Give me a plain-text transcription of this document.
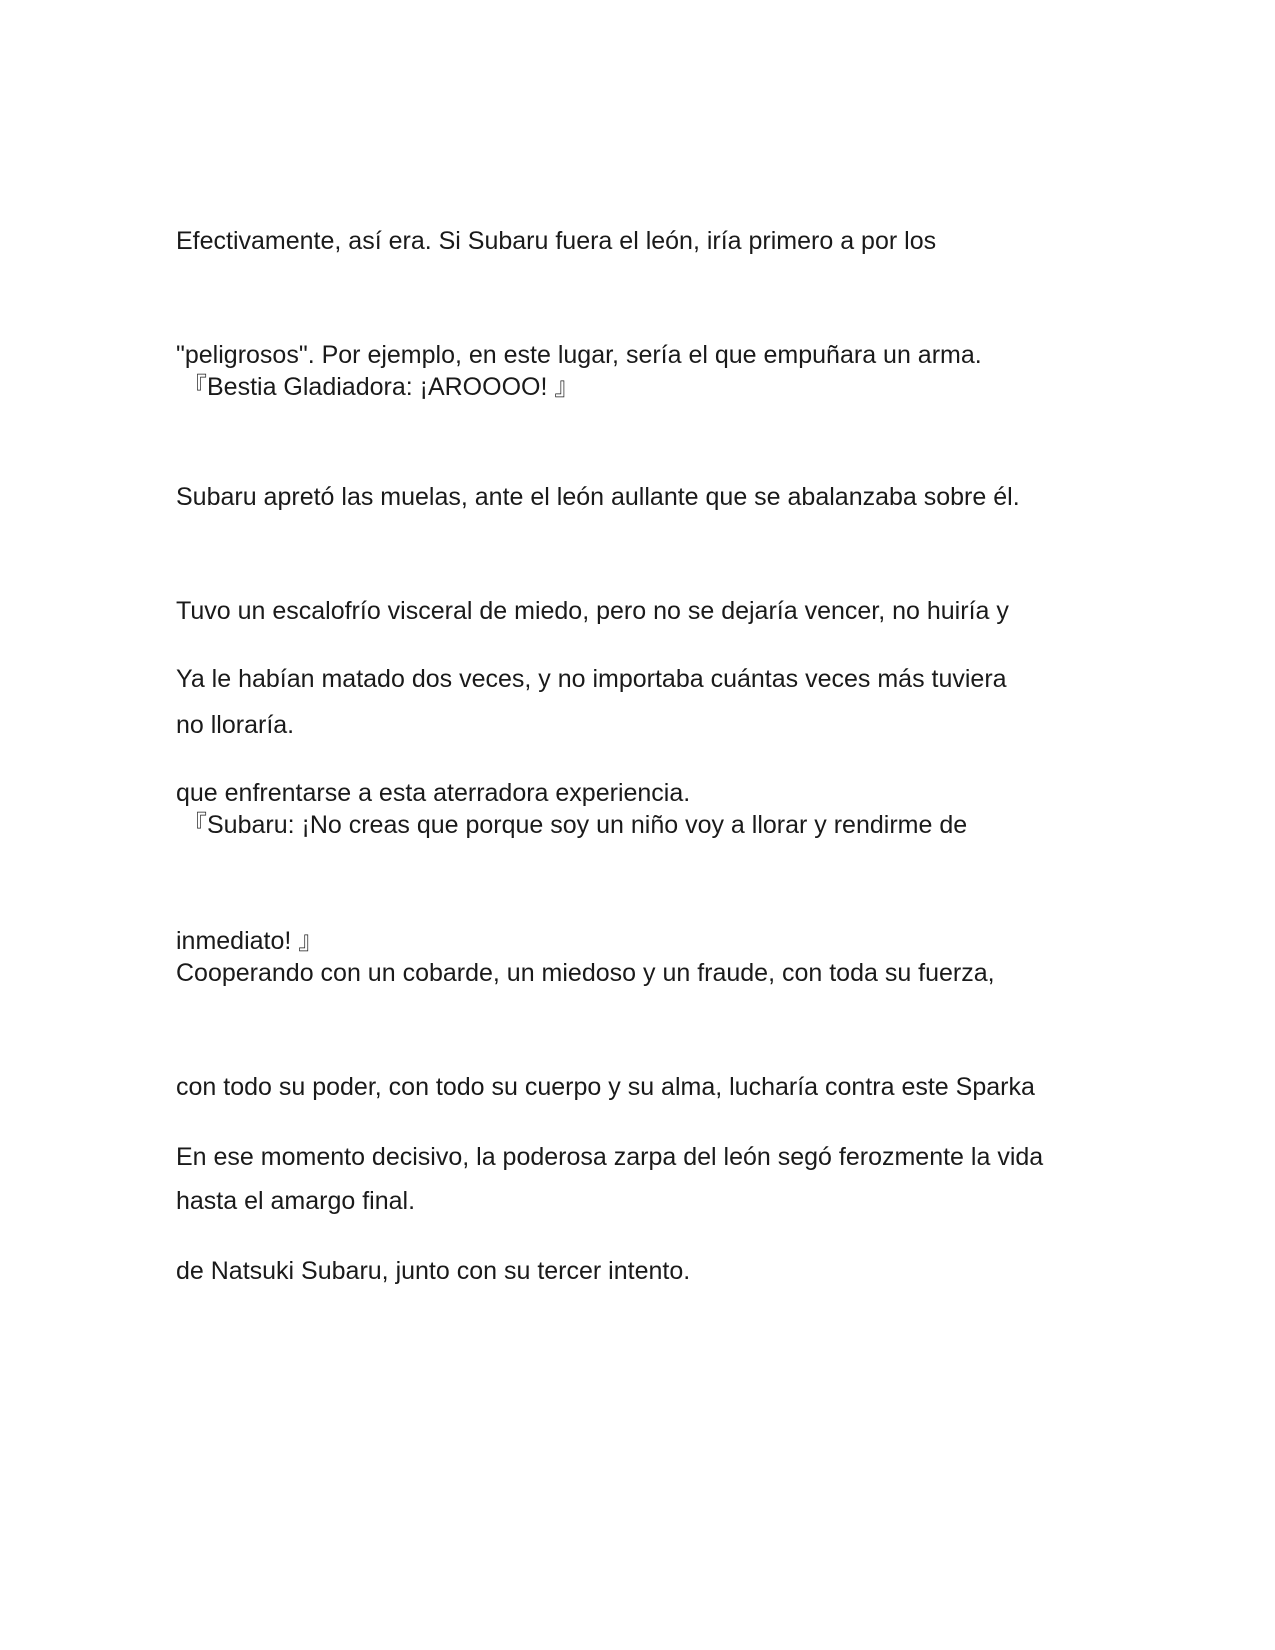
Efectivamente, así era. Si Subaru fuera el león, iría primero a por los

"peligrosos". Por ejemplo, en este lugar, sería el que empuñara un arma.

『Bestia Gladiadora: ¡AROOOO! 』

Subaru apretó las muelas, ante el león aullante que se abalanzaba sobre él.

Tuvo un escalofrío visceral de miedo, pero no se dejaría vencer, no huiría y

no lloraría.

Ya le habían matado dos veces, y no importaba cuántas veces más tuviera

que enfrentarse a esta aterradora experiencia.

『Subaru: ¡No creas que porque soy un niño voy a llorar y rendirme de

inmediato! 』

Cooperando con un cobarde, un miedoso y un fraude, con toda su fuerza,

con todo su poder, con todo su cuerpo y su alma, lucharía contra este Sparka

hasta el amargo final.

En ese momento decisivo, la poderosa zarpa del león segó ferozmente la vida

de Natsuki Subaru, junto con su tercer intento.
